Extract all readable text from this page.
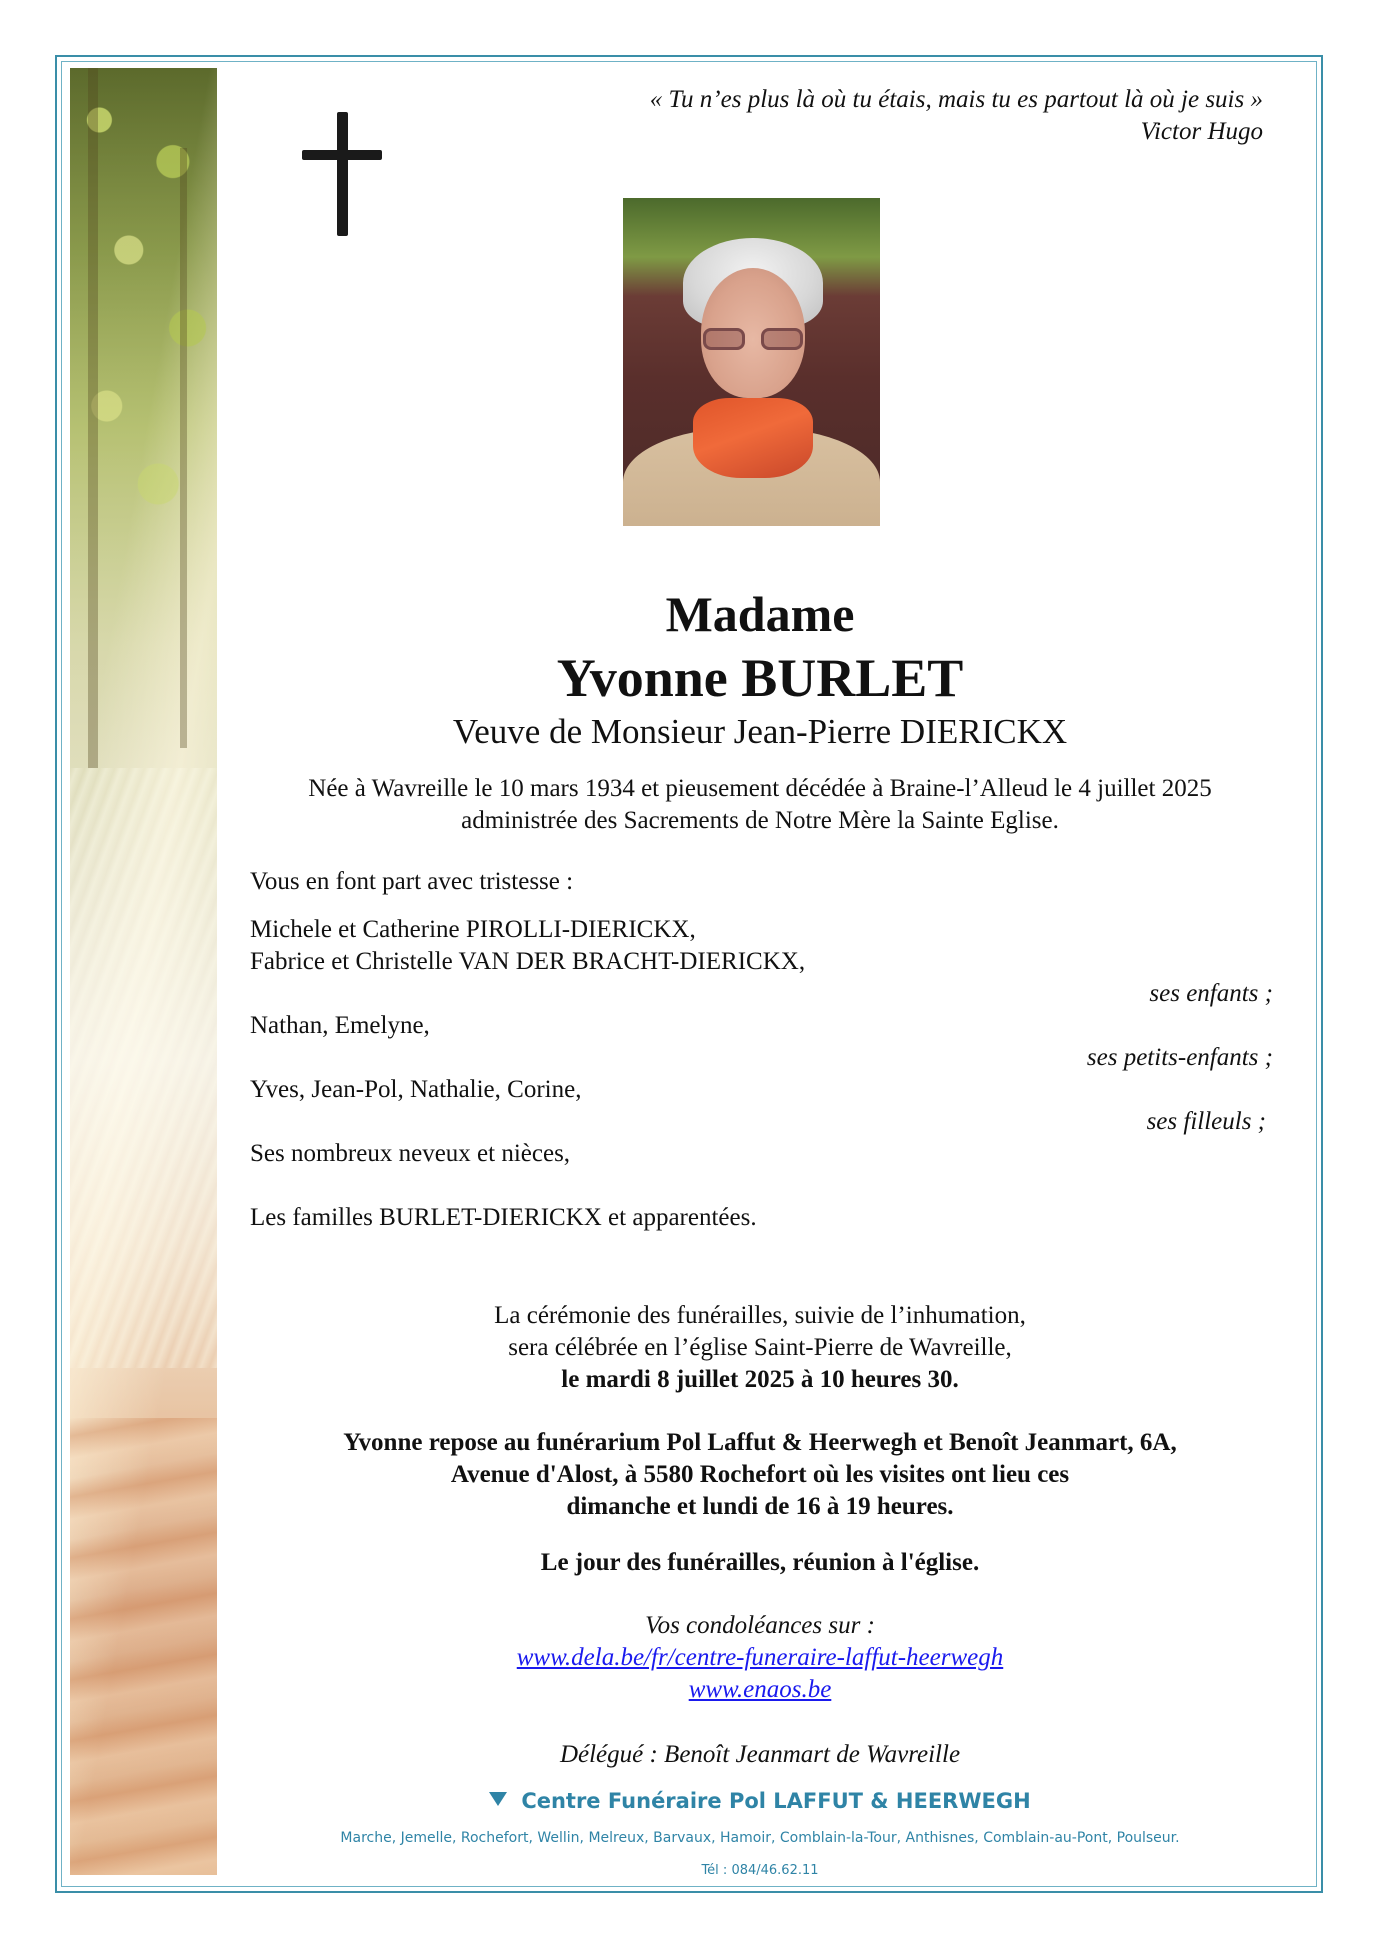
« Tu n’es plus là où tu étais, mais tu es partout là où je suis »
Victor Hugo
Madame
Yvonne BURLET
Veuve de Monsieur Jean-Pierre DIERICKX
Née à Wavreille le 10 mars 1934 et pieusement décédée à Braine-l’Alleud le 4 juillet 2025
administrée des Sacrements de Notre Mère la Sainte Eglise.
Vous en font part avec tristesse :
Michele et Catherine PIROLLI-DIERICKX,
Fabrice et Christelle VAN DER BRACHT-DIERICKX,
ses enfants ;
Nathan, Emelyne,
ses petits-enfants ;
Yves, Jean-Pol, Nathalie, Corine,
ses filleuls ;
Ses nombreux neveux et nièces,
Les familles BURLET-DIERICKX et apparentées.
La cérémonie des funérailles, suivie de l’inhumation,
sera célébrée en l’église Saint-Pierre de Wavreille,
le mardi 8 juillet 2025 à 10 heures 30.
Yvonne repose au funérarium Pol Laffut & Heerwegh et Benoît Jeanmart, 6A,
Avenue d'Alost, à 5580 Rochefort où les visites ont lieu ces
dimanche et lundi de 16 à 19 heures.
Le jour des funérailles, réunion à l'église.
Vos condoléances sur :
www.dela.be/fr/centre-funeraire-laffut-heerwegh
www.enaos.be
Délégué : Benoît Jeanmart de Wavreille
Centre Funéraire Pol LAFFUT & HEERWEGH
Marche, Jemelle, Rochefort, Wellin, Melreux, Barvaux, Hamoir, Comblain-la-Tour, Anthisnes, Comblain-au-Pont, Poulseur.
Tél : 084/46.62.11
